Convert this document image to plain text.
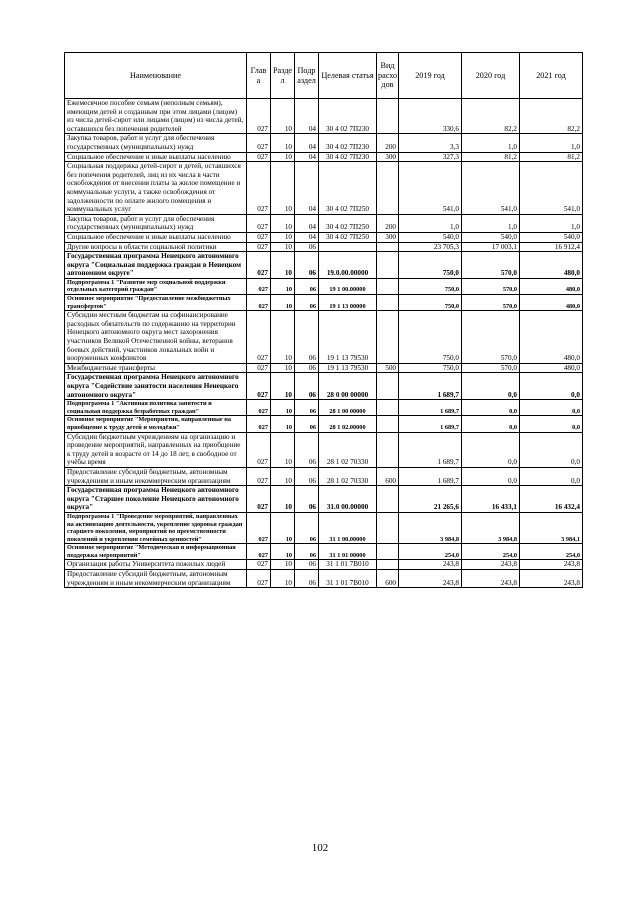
Наименование	Глав а	Разде л	Подр аздел	Целевая статья	Вид расхо дов	2019 год	2020 год	2021 год
Ежемесячное пособие семьям (неполным семьям), имеющим детей и созданным при этом лицами (лицом) из числа детей-сирот или лицами (лицом) из числа детей, оставшихся без попечения родителей	027	10	04	30 4 02 7П230		330,6	82,2	82,2
Закупка товаров, работ и услуг для обеспечения государственных (муниципальных) нужд	027	10	04	30 4 02 7П230	200	3,3	1,0	1,0
Социальное обеспечение и иные выплаты населению	027	10	04	30 4 02 7П230	300	327,3	81,2	81,2
Социальная поддержка детей-сирот и детей, оставшихся без попечения родителей, лиц из их числа в части освобождения от внесения платы за жилое помещение и коммунальные услуги, а также освобождения от задолженности по оплате жилого помещения и коммунальных услуг	027	10	04	30 4 02 7П250		541,0	541,0	541,0
Закупка товаров, работ и услуг для обеспечения государственных (муниципальных) нужд	027	10	04	30 4 02 7П250	200	1,0	1,0	1,0
Социальное обеспечение и иные выплаты населению	027	10	04	30 4 02 7П250	300	540,0	540,0	540,0
Другие вопросы в области социальной политики	027	10	06			23 705,3	17 003,1	16 912,4
Государственная программа Ненецкого автономного округа "Социальная поддержка граждан в Ненецком автономном округе"	027	10	06	19.0.00.00000		750,0	570,0	480,0
Подпрограмма 1 "Развитие мер социальной поддержки отдельных категорий граждан"	027	10	06	19 1 00.00000		750,0	570,0	480,0
Основное мероприятие "Предоставление межбюджетных трансфертов"	027	10	06	19 1 13 00000		750,0	570,0	480,0
Субсидии местным бюджетам на софинансирование расходных обязательств по содержанию на территории Ненецкого автономного округа мест захоронения участников Великой Отечественной войны, ветеранов боевых действий, участников локальных войн и вооруженных конфликтов	027	10	06	19 1 13 79530		750,0	570,0	480,0
Межбюджетные трансферты	027	10	06	19 1 13 79530	500	750,0	570,0	480,0
Государственная программа Ненецкого автономного округа "Содействие занятости населения Ненецкого автономного округа"	027	10	06	28 0 00 00000		1 689,7	0,0	0,0
Подпрограмма 1 "Активная политика занятости и социальная поддержка безработных граждан"	027	10	06	28 1 00 00000		1 689,7	0,0	0,0
Основное мероприятие "Мероприятия, направленные на приобщение к труду детей и молодёжи"	027	10	06	28 1 02.00000		1 689,7	0,0	0,0
Субсидии бюджетным учреждениям на организацию и проведение мероприятий, направленных на приобщение к труду детей в возрасте от 14 до 18 лет, в свободное от учёбы время	027	10	06	28 1 02 70330		1 689,7	0,0	0,0
Предоставление субсидий бюджетным, автономным учреждениям и иным некоммерческим организациям	027	10	06	28 1 02 70330	600	1 689,7	0,0	0,0
Государственная программа Ненецкого автономного округа "Старшее поколение Ненецкого автономного округа"	027	10	06	31.0 00.00000		21 265,6	16 433,1	16 432,4
Подпрограмма 1 "Проведение мероприятий, направленных на активизацию деятельности, укрепление здоровья граждан старшего поколения, мероприятий по преемственности поколений и укрепления семейных ценностей"	027	10	06	31 1 00.00000		3 984,8	3 984,8	3 984,1
Основное мероприятие "Методическая и информационная поддержка мероприятий"	027	10	06	31 1 01 00000		254,0	254,0	254,0
Организация работы Университета пожилых людей	027	10	06	31 1 01 7В010		243,8	243,8	243,8
Предоставление субсидий бюджетным, автономным учреждениям и иным некоммерческим организациям	027	10	06	31 1 01 7В010	600	243,8	243,8	243,8
102
